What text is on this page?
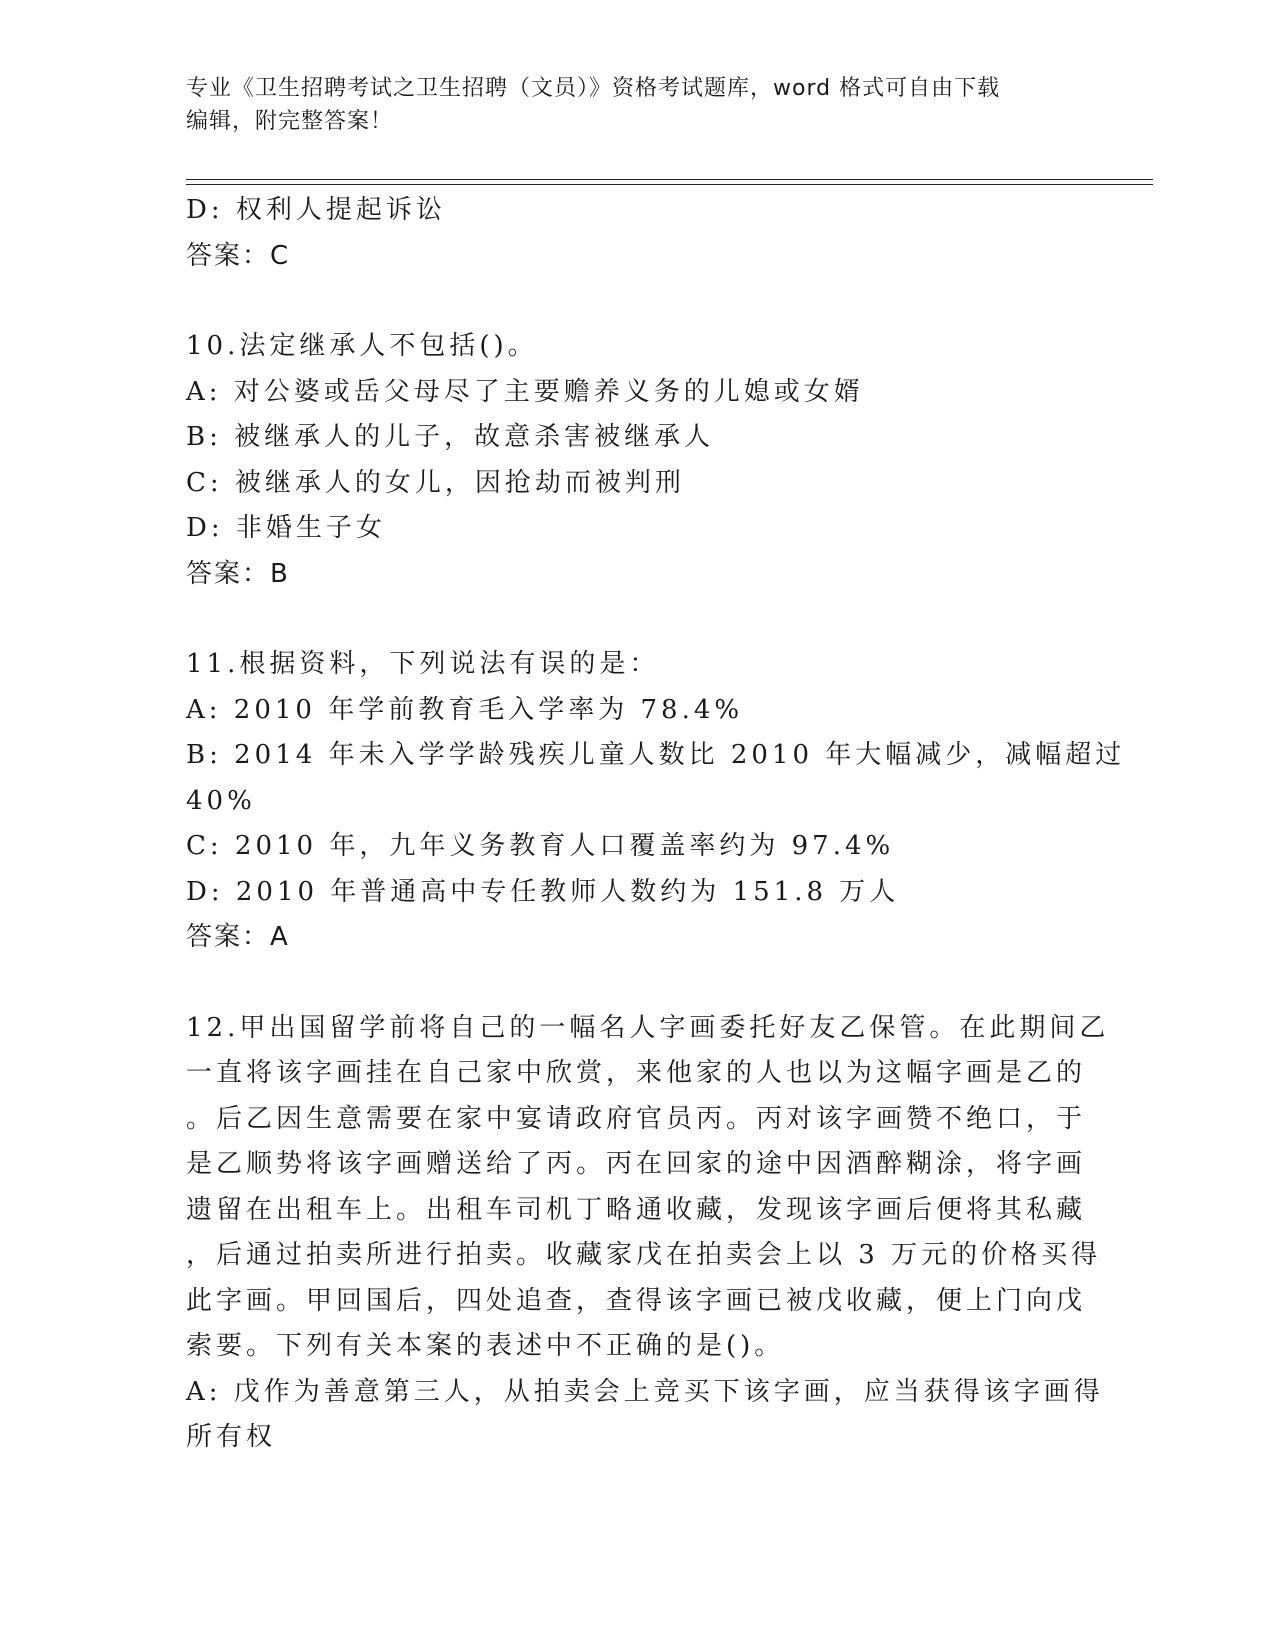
专业《卫生招聘考试之卫生招聘（文员）》资格考试题库，word 格式可自由下载
编辑，附完整答案！
D: 权利人提起诉讼
答案：C
10.法定继承人不包括()。
A: 对公婆或岳父母尽了主要赡养义务的儿媳或女婿
B: 被继承人的儿子，故意杀害被继承人
C: 被继承人的女儿，因抢劫而被判刑
D: 非婚生子女
答案：B
11.根据资料，下列说法有误的是：
A: 2010 年学前教育毛入学率为 78.4%
B: 2014 年未入学学龄残疾儿童人数比 2010 年大幅减少，减幅超过
40%
C: 2010 年，九年义务教育人口覆盖率约为 97.4%
D: 2010 年普通高中专任教师人数约为 151.8 万人
答案：A
12.甲出国留学前将自己的一幅名人字画委托好友乙保管。在此期间乙
一直将该字画挂在自己家中欣赏，来他家的人也以为这幅字画是乙的
。后乙因生意需要在家中宴请政府官员丙。丙对该字画赞不绝口，于
是乙顺势将该字画赠送给了丙。丙在回家的途中因酒醉糊涂，将字画
遗留在出租车上。出租车司机丁略通收藏，发现该字画后便将其私藏
，后通过拍卖所进行拍卖。收藏家戊在拍卖会上以 3 万元的价格买得
此字画。甲回国后，四处追查，查得该字画已被戊收藏，便上门向戊
索要。下列有关本案的表述中不正确的是()。
A: 戊作为善意第三人，从拍卖会上竞买下该字画，应当获得该字画得
所有权
